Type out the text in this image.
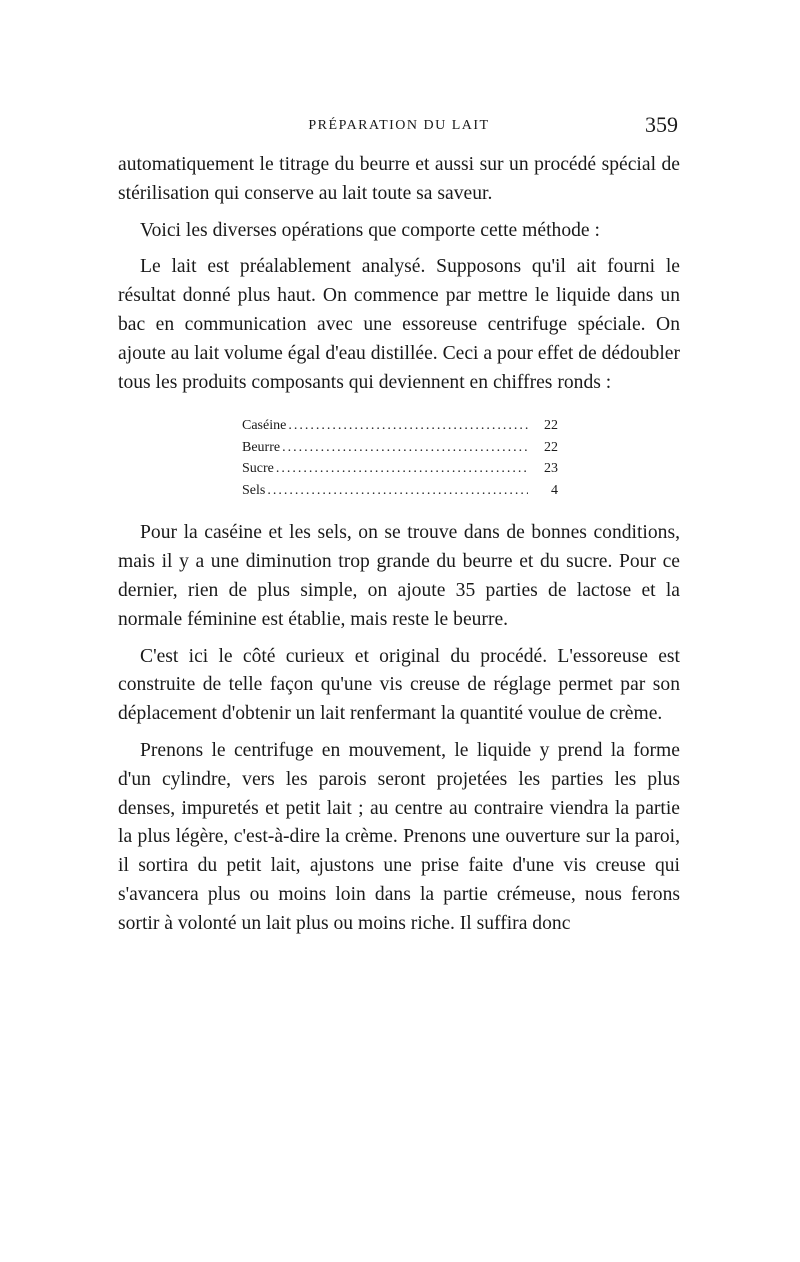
PRÉPARATION DU LAIT	359

automatiquement le titrage du beurre et aussi sur un procédé spécial de stérilisation qui conserve au lait toute sa saveur.

Voici les diverses opérations que comporte cette méthode :

Le lait est préalablement analysé. Supposons qu'il ait fourni le résultat donné plus haut. On commence par mettre le liquide dans un bac en communication avec une essoreuse centrifuge spéciale. On ajoute au lait volume égal d'eau distillée. Ceci a pour effet de dédoubler tous les produits composants qui deviennent en chiffres ronds :

Caséine .....	22
Beurre .....	22
Sucre .....	23
Sels .....	4

Pour la caséine et les sels, on se trouve dans de bonnes conditions, mais il y a une diminution trop grande du beurre et du sucre. Pour ce dernier, rien de plus simple, on ajoute 35 parties de lactose et la normale féminine est établie, mais reste le beurre.

C'est ici le côté curieux et original du procédé. L'essoreuse est construite de telle façon qu'une vis creuse de réglage permet par son déplacement d'obtenir un lait renfermant la quantité voulue de crème.

Prenons le centrifuge en mouvement, le liquide y prend la forme d'un cylindre, vers les parois seront projetées les parties les plus denses, impuretés et petit lait ; au centre au contraire viendra la partie la plus légère, c'est-à-dire la crème. Prenons une ouverture sur la paroi, il sortira du petit lait, ajustons une prise faite d'une vis creuse qui s'avancera plus ou moins loin dans la partie crémeuse, nous ferons sortir à volonté un lait plus ou moins riche. Il suffira donc
